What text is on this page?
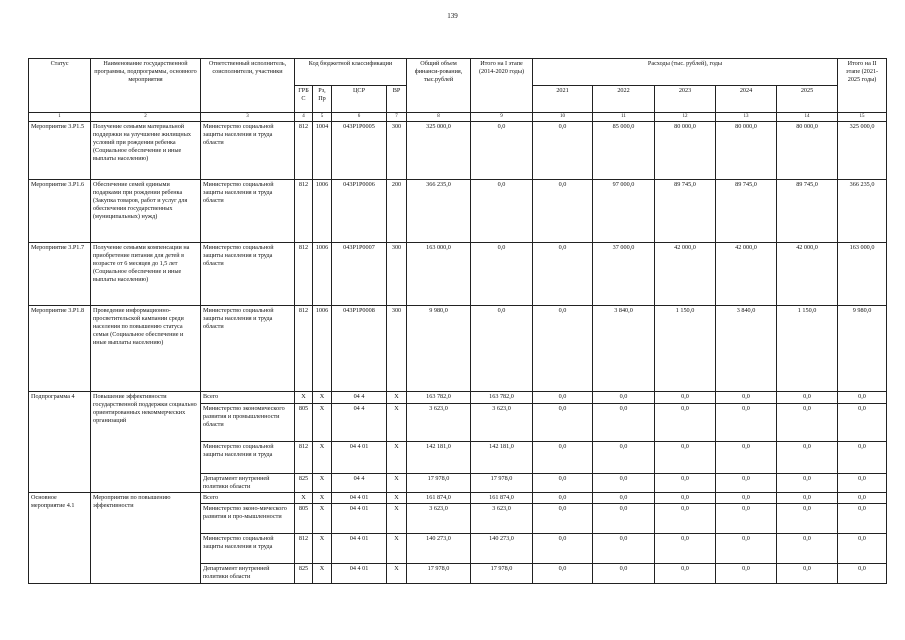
139
Статус	Наименование государственной программы, подпрограммы, основного мероприятия	Ответственный исполнитель, соисполнители, участники	Код бюджетной классификации				Общий объем финанси-рования, тыс.рублей	Итого на I этапе (2014-2020 годы)	Расходы (тыс. рублей), годы					Итого на II этапе (2021-2025 годы)
			ГРБ С	Рз, Пр	ЦСР	ВР			2021	2022	2023	2024	2025	
1	2	3	4	5	6	7	8	9	10	11	12	13	14	15
Мероприятие 3.P1.5	Получение семьями материальной поддержки на улучшение жилищных условий при рождении ребенка (Социальное обеспечение и иные выплаты населению)	Министерство социальной защиты населения и труда области	812	1004	043P1P0005	300	325 000,0	0,0	0,0	85 000,0	80 000,0	80 000,0	80 000,0	325 000,0
Мероприятие 3.P1.6	Обеспечение семей едиными подарками при рождении ребенка (Закупка товаров, работ и услуг для обеспечения государственных (муниципальных) нужд)	Министерство социальной защиты населения и труда области	812	1006	043P1P0006	200	366 235,0	0,0	0,0	97 000,0	89 745,0	89 745,0	89 745,0	366 235,0
Мероприятие 3.P1.7	Получение семьями компенсации на приобретение питания для детей в возрасте от 6 месяцев до 1,5 лет (Социальное обеспечение и иные выплаты населению)	Министерство социальной защиты населения и труда области	812	1006	043P1P0007	300	163 000,0	0,0	0,0	37 000,0	42 000,0	42 000,0	42 000,0	163 000,0
Мероприятие 3.P1.8	Проведение информационно-просветительской кампании среди населения по повышению статуса семьи (Социальное обеспечение и иные выплаты населению)	Министерство социальной защиты населения и труда области	812	1006	043P1P0008	300	9 980,0	0,0	0,0	3 840,0	1 150,0	3 840,0	1 150,0	9 980,0
Подпрограмма 4	Повышение эффективности государственной поддержки социально ориентированных некоммерческих организаций	Всего	Х	Х	04 4	Х	163 782,0	163 782,0	0,0	0,0	0,0	0,0	0,0	0,0
		Министерство экономического развития и промышленности области	805	Х	04 4	Х	3 623,0	3 623,0	0,0	0,0	0,0	0,0	0,0	0,0
		Министерство социальной защиты населения и труда	812	Х	04 4 01	Х	142 181,0	142 181,0	0,0	0,0	0,0	0,0	0,0	0,0
		Департамент внутренней политики области	825	Х	04 4	Х	17 978,0	17 978,0	0,0	0,0	0,0	0,0	0,0	0,0
Основное мероприятие 4.1	Мероприятия по повышению эффективности	Всего	Х	Х	04 4 01	Х	161 874,0	161 874,0	0,0	0,0	0,0	0,0	0,0	0,0
		Министерство эконо-мического развития и про-мышленности	805	Х	04 4 01	Х	3 623,0	3 623,0	0,0	0,0	0,0	0,0	0,0	0,0
		Министерство социальной защиты населения и труда	812	Х	04 4 01	Х	140 273,0	140 273,0	0,0	0,0	0,0	0,0	0,0	0,0
		Департамент внутренней политики области	825	Х	04 4 01	Х	17 978,0	17 978,0	0,0	0,0	0,0	0,0	0,0	0,0
